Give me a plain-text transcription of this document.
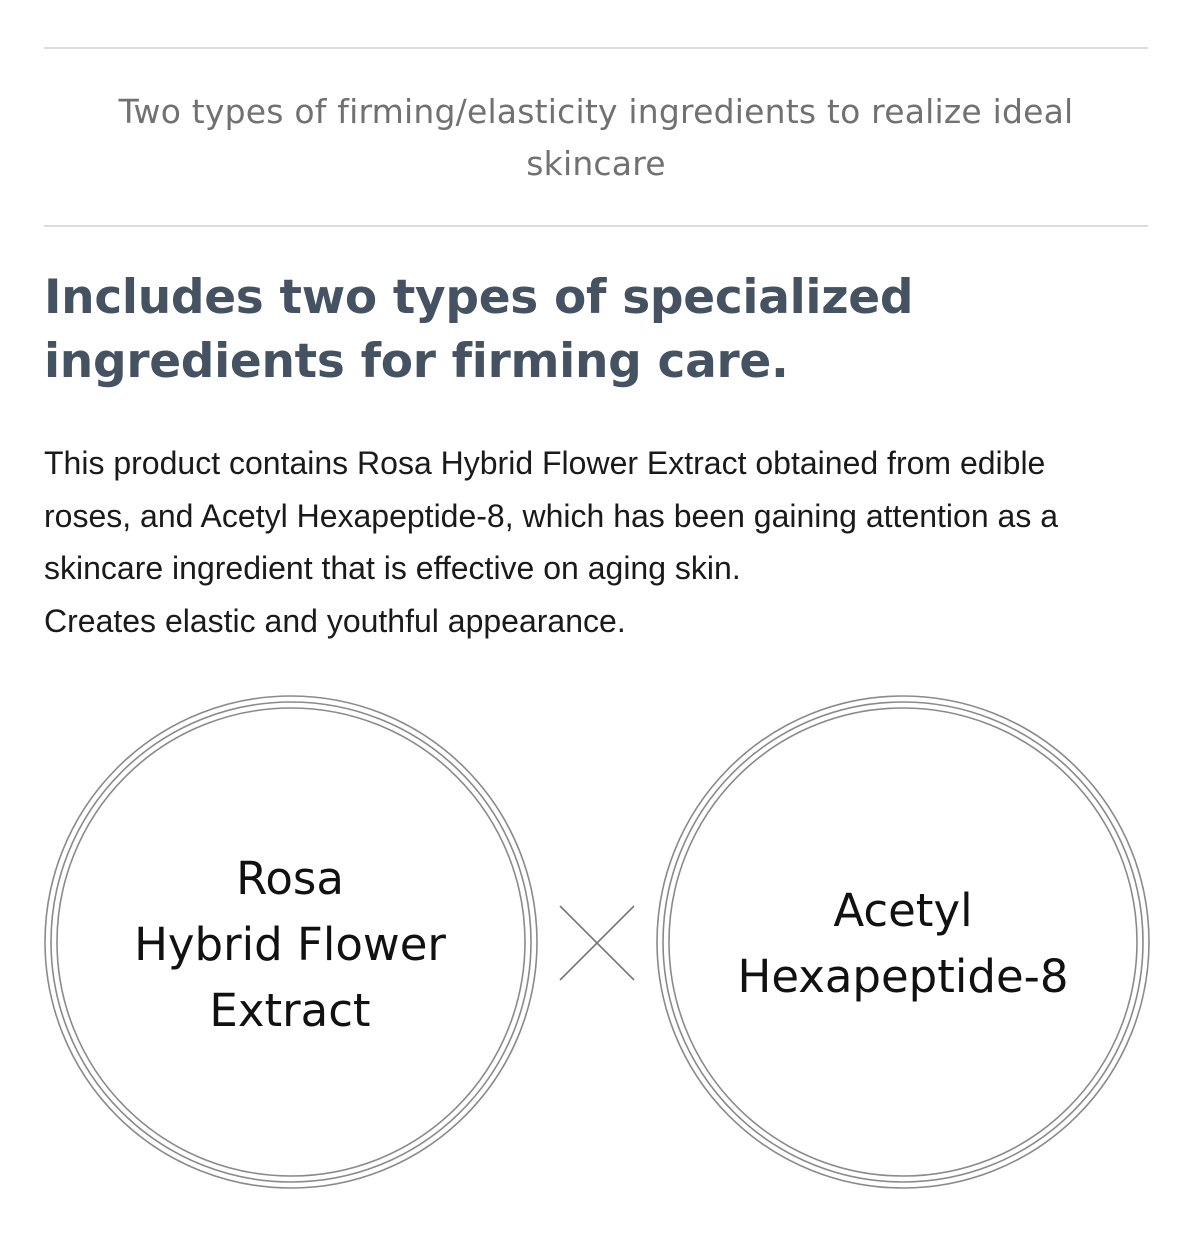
Two types of firming/elasticity ingredients to realize ideal
skincare
Includes two types of specialized
ingredients for firming care.
This product contains Rosa Hybrid Flower Extract obtained from edible
roses, and Acetyl Hexapeptide-8, which has been gaining attention as a
skincare ingredient that is effective on aging skin.
Creates elastic and youthful appearance.
Rosa
Hybrid Flower
Extract
Acetyl
Hexapeptide-8
